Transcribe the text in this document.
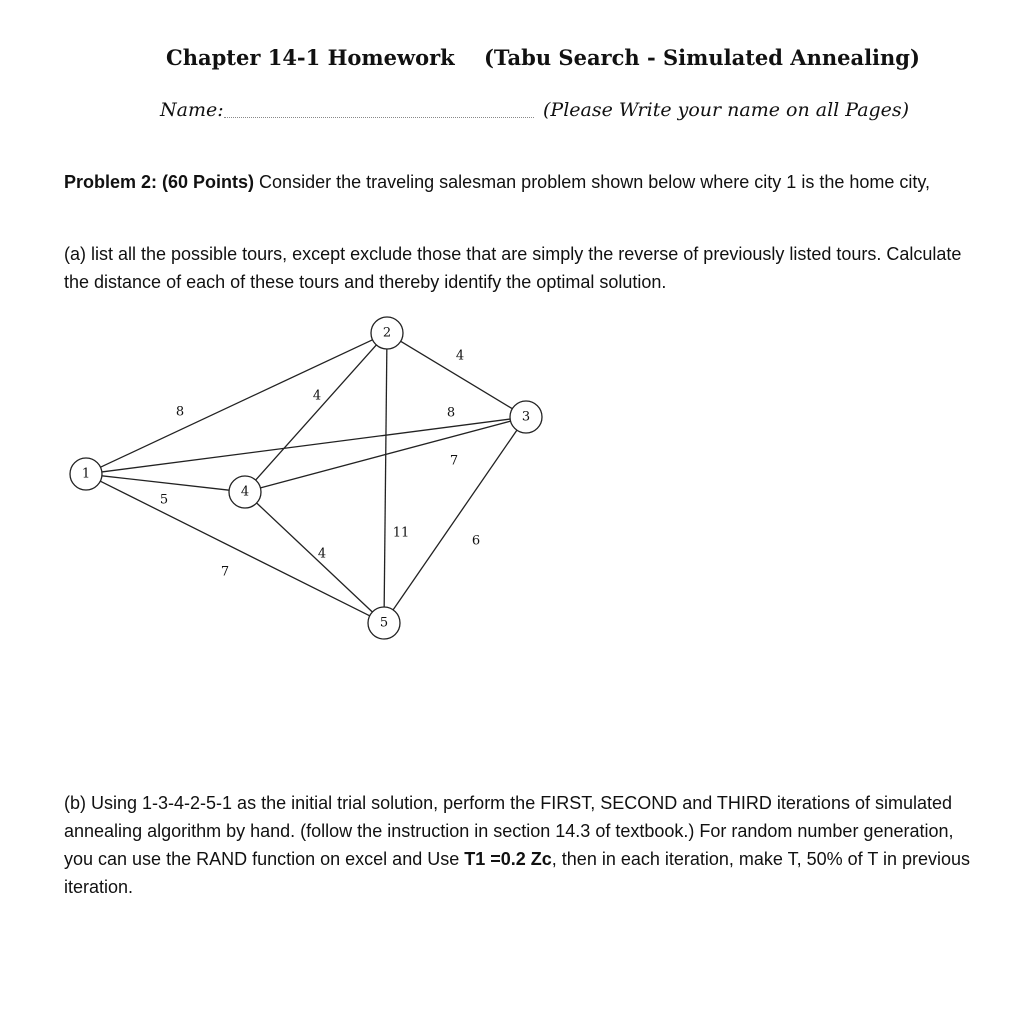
Chapter 14-1 Homework (Tabu Search - Simulated Annealing)
Name:	(Please Write your name on all Pages)
Problem 2: (60 Points) Consider the traveling salesman problem shown below where city 1 is the home city,
(a) list all the possible tours, except exclude those that are simply the reverse of previously listed tours. Calculate the distance of each of these tours and thereby identify the optimal solution.
8	8
5
7
4
4
11
7
6
4
1
2
3
4
5
(b) Using 1-3-4-2-5-1 as the initial trial solution, perform the FIRST, SECOND and THIRD iterations of simulated annealing algorithm by hand. (follow the instruction in section 14.3 of textbook.) For random number generation, you can use the RAND function on excel and Use T1 =0.2 Zc, then in each iteration, make T, 50% of T in previous iteration.
